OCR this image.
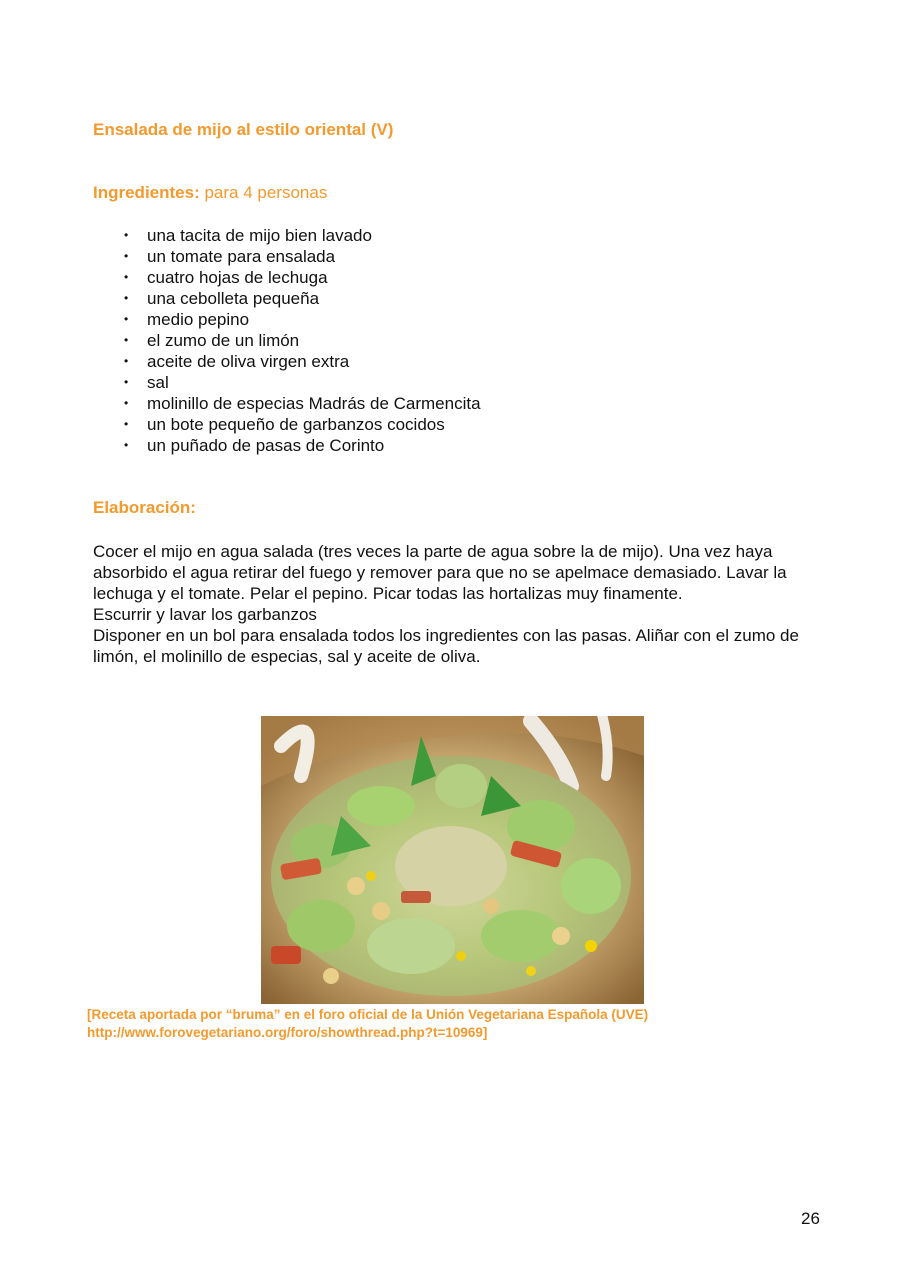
Ensalada de mijo al estilo oriental (V)

Ingredientes: para 4 personas

• una tacita de mijo bien lavado
• un tomate para ensalada
• cuatro hojas de lechuga
• una cebolleta pequeña
• medio pepino
• el zumo de un limón
• aceite de oliva virgen extra
• sal
• molinillo de especias Madrás de Carmencita
• un bote pequeño de garbanzos cocidos
• un puñado de pasas de Corinto
Elaboración:

Cocer el mijo en agua salada (tres veces la parte de agua sobre la de mijo). Una vez haya absorbido el agua retirar del fuego y remover para que no se apelmace demasiado. Lavar la lechuga y el tomate. Pelar el pepino. Picar todas las hortalizas muy finamente.

Escurrir y lavar los garbanzos

Disponer en un bol para ensalada todos los ingredientes con las pasas. Aliñar con el zumo de limón, el molinillo de especias, sal y aceite de oliva.

[Receta aportada por “bruma” en el foro oficial de la Unión Vegetariana Española (UVE)
http://www.forovegetariano.org/foro/showthread.php?t=10969]
26
